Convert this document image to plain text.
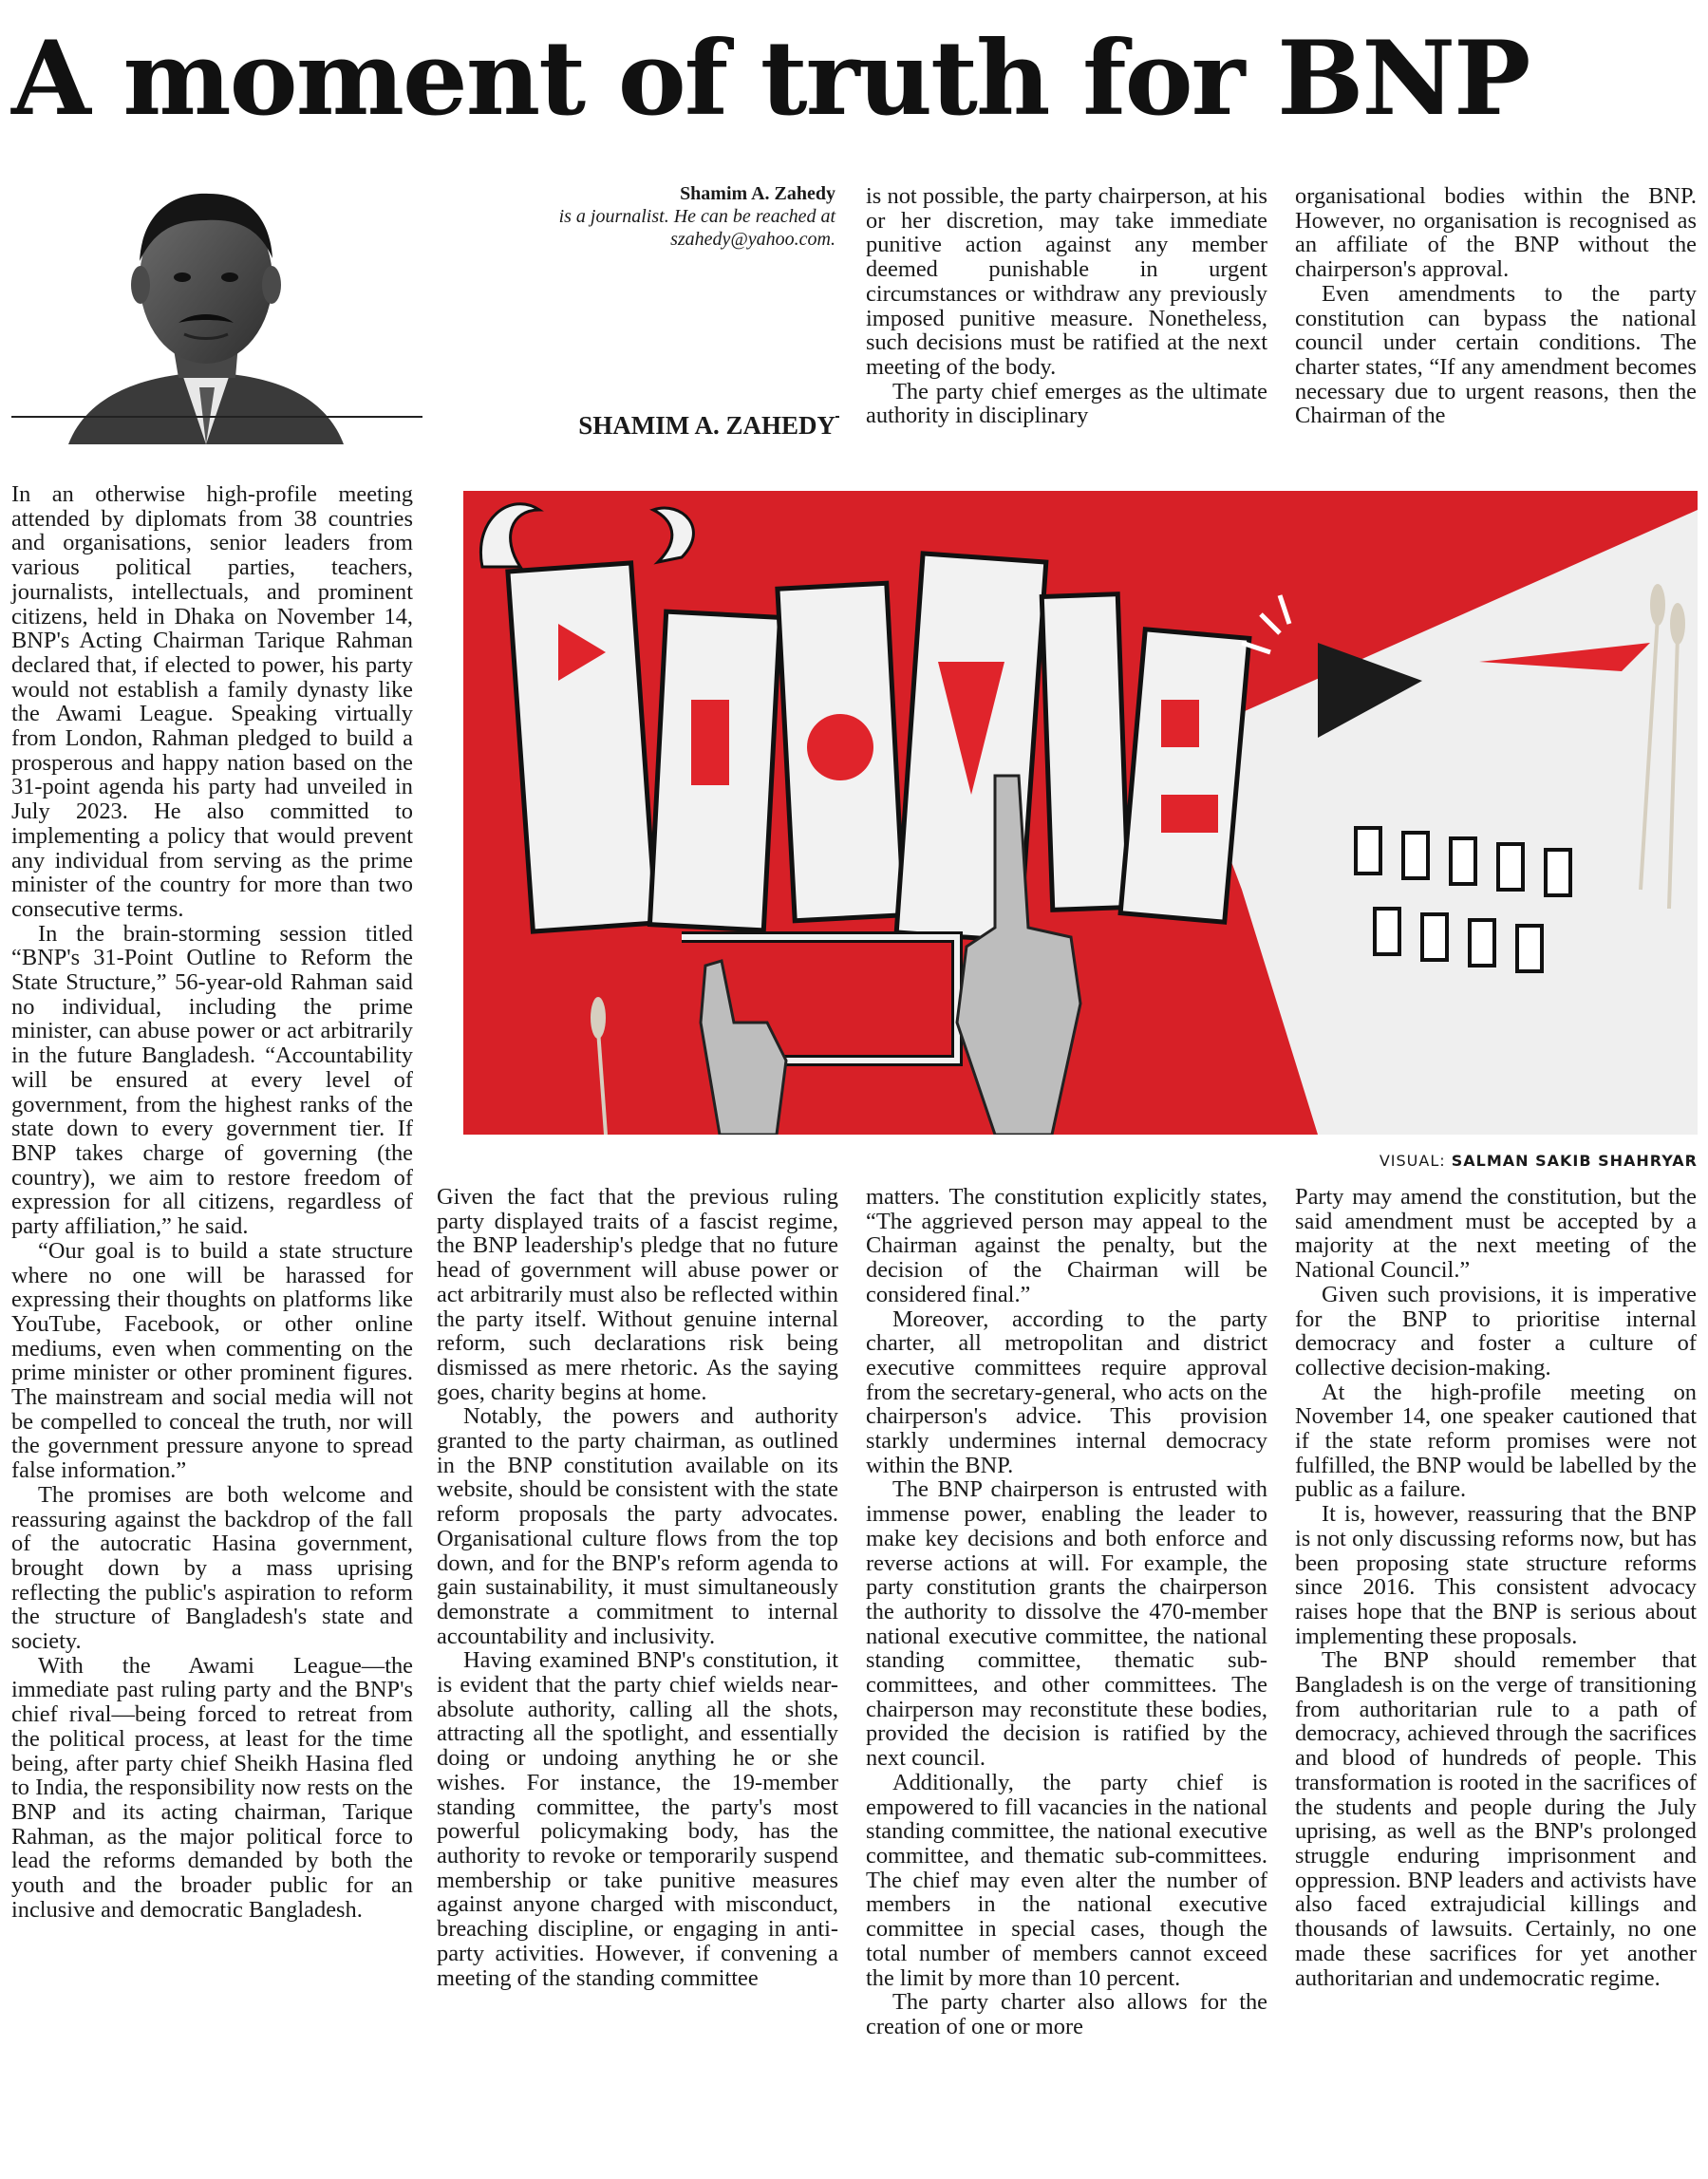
A moment of truth for BNP
Shamim A. Zahedy
is a journalist. He can be reached at szahedy@yahoo.com.
SHAMIM A. ZAHEDY

is not possible, the party chairperson, at his or her discretion, may take immediate punitive action against any member deemed punishable in urgent circumstances or withdraw any previously imposed punitive measure. Nonetheless, such decisions must be ratified at the next meeting of the body.

The party chief emerges as the ultimate authority in disciplinary

organisational bodies within the BNP. However, no organisation is recognised as an affiliate of the BNP without the chairperson's approval.

Even amendments to the party constitution can bypass the national council under certain conditions. The charter states, “If any amendment becomes necessary due to urgent reasons, then the Chairman of the

In an otherwise high-profile meeting attended by diplomats from 38 countries and organisations, senior leaders from various political parties, teachers, journalists, intellectuals, and prominent citizens, held in Dhaka on November 14, BNP's Acting Chairman Tarique Rahman declared that, if elected to power, his party would not establish a family dynasty like the Awami League. Speaking virtually from London, Rahman pledged to build a prosperous and happy nation based on the 31-point agenda his party had unveiled in July 2023. He also committed to implementing a policy that would prevent any individual from serving as the prime minister of the country for more than two consecutive terms.

In the brain-storming session titled “BNP's 31-Point Outline to Reform the State Structure,” 56-year-old Rahman said no individual, including the prime minister, can abuse power or act arbitrarily in the future Bangladesh. “Accountability will be ensured at every level of government, from the highest ranks of the state down to every government tier. If BNP takes charge of governing (the country), we aim to restore freedom of expression for all citizens, regardless of party affiliation,” he said.

“Our goal is to build a state structure where no one will be harassed for expressing their thoughts on platforms like YouTube, Facebook, or other online mediums, even when commenting on the prime minister or other prominent figures. The mainstream and social media will not be compelled to conceal the truth, nor will the government pressure anyone to spread false information.”

The promises are both welcome and reassuring against the backdrop of the fall of the autocratic Hasina government, brought down by a mass uprising reflecting the public's aspiration to reform the structure of Bangladesh's state and society.

With the Awami League—the immediate past ruling party and the BNP's chief rival—being forced to retreat from the political process, at least for the time being, after party chief Sheikh Hasina fled to India, the responsibility now rests on the BNP and its acting chairman, Tarique Rahman, as the major political force to lead the reforms demanded by both the youth and the broader public for an inclusive and democratic Bangladesh.

VISUAL: SALMAN SAKIB SHAHRYAR

Given the fact that the previous ruling party displayed traits of a fascist regime, the BNP leadership's pledge that no future head of government will abuse power or act arbitrarily must also be reflected within the party itself. Without genuine internal reform, such declarations risk being dismissed as mere rhetoric. As the saying goes, charity begins at home.

Notably, the powers and authority granted to the party chairman, as outlined in the BNP constitution available on its website, should be consistent with the state reform proposals the party advocates. Organisational culture flows from the top down, and for the BNP's reform agenda to gain sustainability, it must simultaneously demonstrate a commitment to internal accountability and inclusivity.

Having examined BNP's constitution, it is evident that the party chief wields near-absolute authority, calling all the shots, attracting all the spotlight, and essentially doing or undoing anything he or she wishes. For instance, the 19-member standing committee, the party's most powerful policymaking body, has the authority to revoke or temporarily suspend membership or take punitive measures against anyone charged with misconduct, breaching discipline, or engaging in anti-party activities. However, if convening a meeting of the standing committee

matters. The constitution explicitly states, “The aggrieved person may appeal to the Chairman against the penalty, but the decision of the Chairman will be considered final.”

Moreover, according to the party charter, all metropolitan and district executive committees require approval from the secretary-general, who acts on the chairperson's advice. This provision starkly undermines internal democracy within the BNP.

The BNP chairperson is entrusted with immense power, enabling the leader to make key decisions and both enforce and reverse actions at will. For example, the party constitution grants the chairperson the authority to dissolve the 470-member national executive committee, the national standing committee, thematic sub-committees, and other committees. The chairperson may reconstitute these bodies, provided the decision is ratified by the next council.

Additionally, the party chief is empowered to fill vacancies in the national standing committee, the national executive committee, and thematic sub-committees. The chief may even alter the number of members in the national executive committee in special cases, though the total number of members cannot exceed the limit by more than 10 percent.

The party charter also allows for the creation of one or more

Party may amend the constitution, but the said amendment must be accepted by a majority at the next meeting of the National Council.”

Given such provisions, it is imperative for the BNP to prioritise internal democracy and foster a culture of collective decision-making.

At the high-profile meeting on November 14, one speaker cautioned that if the state reform promises were not fulfilled, the BNP would be labelled by the public as a failure.

It is, however, reassuring that the BNP is not only discussing reforms now, but has been proposing state structure reforms since 2016. This consistent advocacy raises hope that the BNP is serious about implementing these proposals.

The BNP should remember that Bangladesh is on the verge of transitioning from authoritarian rule to a path of democracy, achieved through the sacrifices and blood of hundreds of people. This transformation is rooted in the sacrifices of the students and people during the July uprising, as well as the BNP's prolonged struggle enduring imprisonment and oppression. BNP leaders and activists have also faced extrajudicial killings and thousands of lawsuits. Certainly, no one made these sacrifices for yet another authoritarian and undemocratic regime.
